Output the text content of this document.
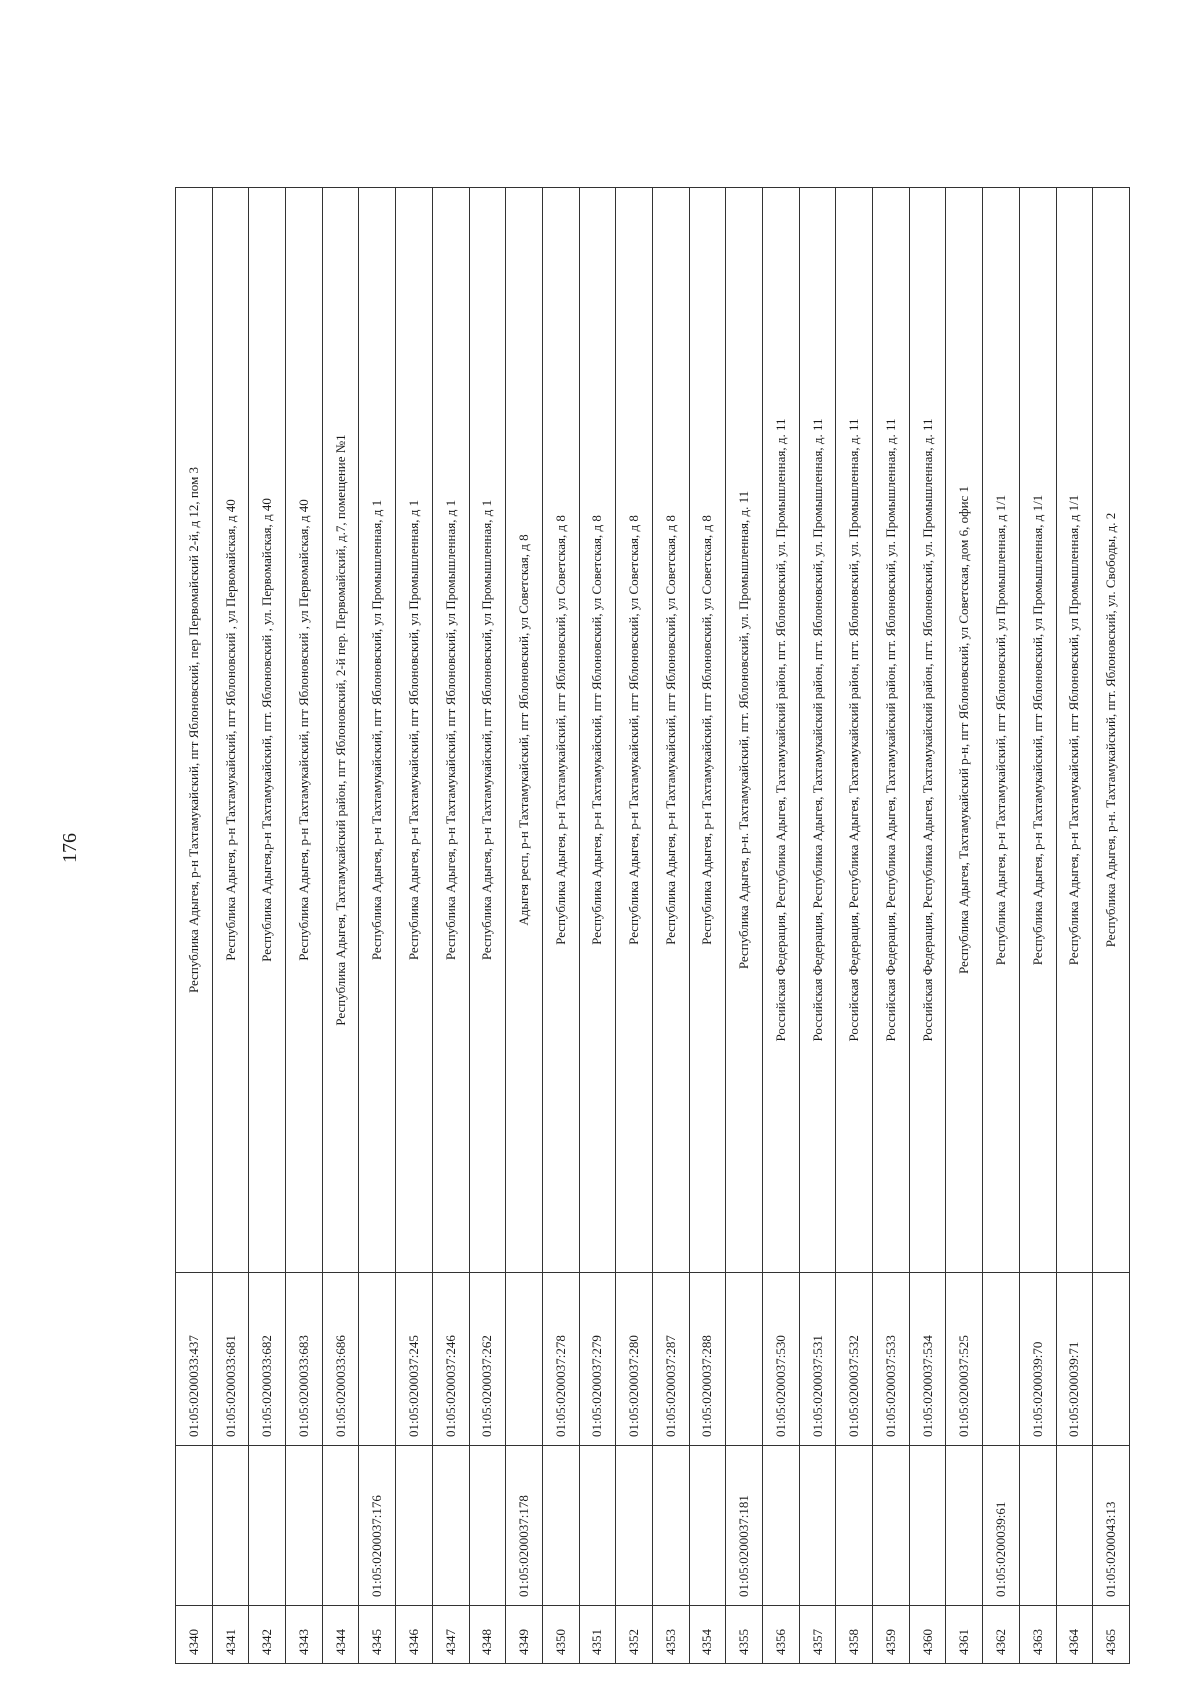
176
4340		01:05:0200033:437	Республика Адыгея, р-н Тахтамукайский, пгт Яблоновский, пер Первомайский 2-й, д 12, пом 3
4341		01:05:0200033:681	Республика Адыгея, р-н Тахтамукайский, пгт Яблоновский , ул Первомайская, д 40
4342		01:05:0200033:682	Республика Адыгея,р-н Тахтамукайский, пгт. Яблоновский , ул. Первомайская, д 40
4343		01:05:0200033:683	Республика Адыгея, р-н Тахтамукайский, пгт Яблоновский , ул Первомайская, д 40
4344		01:05:0200033:686	Республика Адыгея, Тахтамукайский район, пгт Яблоновский, 2-й пер. Первомайский, д.7, помещение №1
4345	01:05:0200037:176		Республика Адыгея, р-н Тахтамукайский, пгт Яблоновский, ул Промышленная, д 1
4346		01:05:0200037:245	Республика Адыгея, р-н Тахтамукайский, пгт Яблоновский, ул Промышленная, д 1
4347		01:05:0200037:246	Республика Адыгея, р-н Тахтамукайский, пгт Яблоновский, ул Промышленная, д 1
4348		01:05:0200037:262	Республика Адыгея, р-н Тахтамукайский, пгт Яблоновский, ул Промышленная, д 1
4349	01:05:0200037:178		Адыгея респ, р-н Тахтамукайский, пгт Яблоновский, ул Советская, д 8
4350		01:05:0200037:278	Республика Адыгея, р-н Тахтамукайский, пгт Яблоновский, ул Советская, д 8
4351		01:05:0200037:279	Республика Адыгея, р-н Тахтамукайский, пгт Яблоновский, ул Советская, д 8
4352		01:05:0200037:280	Республика Адыгея, р-н Тахтамукайский, пгт Яблоновский, ул Советская, д 8
4353		01:05:0200037:287	Республика Адыгея, р-н Тахтамукайский, пгт Яблоновский, ул Советская, д 8
4354		01:05:0200037:288	Республика Адыгея, р-н Тахтамукайский, пгт Яблоновский, ул Советская, д 8
4355	01:05:0200037:181		Республика Адыгея, р-н. Тахтамукайский, пгт. Яблоновский, ул. Промышленная, д. 11
4356		01:05:0200037:530	Российская Федерация, Республика Адыгея, Тахтамукайский район, пгт. Яблоновский, ул. Промышленная, д. 11
4357		01:05:0200037:531	Российская Федерация, Республика Адыгея, Тахтамукайский район, пгт. Яблоновский, ул. Промышленная, д. 11
4358		01:05:0200037:532	Российская Федерация, Республика Адыгея, Тахтамукайский район, пгт. Яблоновский, ул. Промышленная, д. 11
4359		01:05:0200037:533	Российская Федерация, Республика Адыгея, Тахтамукайский район, пгт. Яблоновский, ул. Промышленная, д. 11
4360		01:05:0200037:534	Российская Федерация, Республика Адыгея, Тахтамукайский район, пгт. Яблоновский, ул. Промышленная, д. 11
4361		01:05:0200037:525	Республика Адыгея, Тахтамукайский р-н, пгт Яблоновский, ул Советская, дом 6, офис 1
4362	01:05:0200039:61		Республика Адыгея, р-н Тахтамукайский, пгт Яблоновский, ул Промышленная, д 1/1
4363		01:05:0200039:70	Республика Адыгея, р-н Тахтамукайский, пгт Яблоновский, ул Промышленная, д 1/1
4364		01:05:0200039:71	Республика Адыгея, р-н Тахтамукайский, пгт Яблоновский, ул Промышленная, д 1/1
4365	01:05:0200043:13		Республика Адыгея, р-н. Тахтамукайский, пгт. Яблоновский, ул. Свободы, д. 2
